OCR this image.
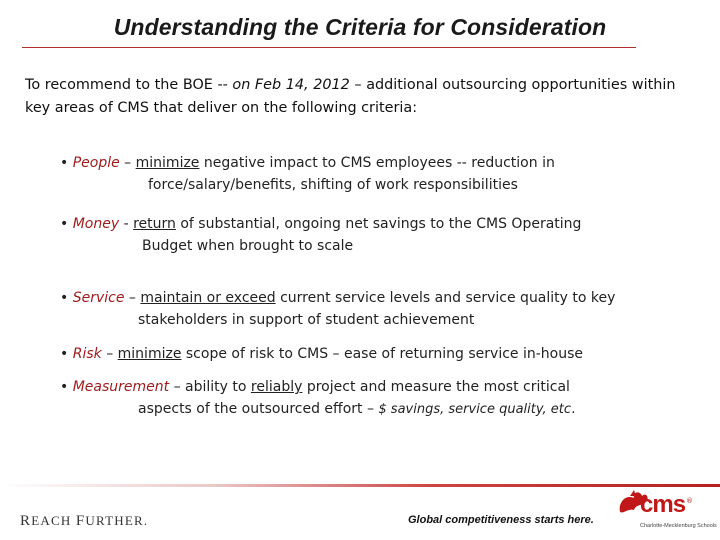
Understanding the Criteria for Consideration
To recommend to the BOE -- on Feb 14, 2012 – additional outsourcing opportunities within key areas of CMS that deliver on the following criteria:
• People – minimize negative impact to CMS employees -- reduction in
force/salary/benefits, shifting of work responsibilities
• Money - return of substantial, ongoing net savings to the CMS Operating
Budget when brought to scale
• Service – maintain or exceed current service levels and service quality to key
stakeholders in support of student achievement
• Risk – minimize scope of risk to CMS – ease of returning service in-house
• Measurement – ability to reliably project and measure the most critical
aspects of the outsourced effort – $ savings, service quality, etc.
REACH FURTHER.	Global competitiveness starts here.
cms ®
Charlotte-Mecklenburg Schools
